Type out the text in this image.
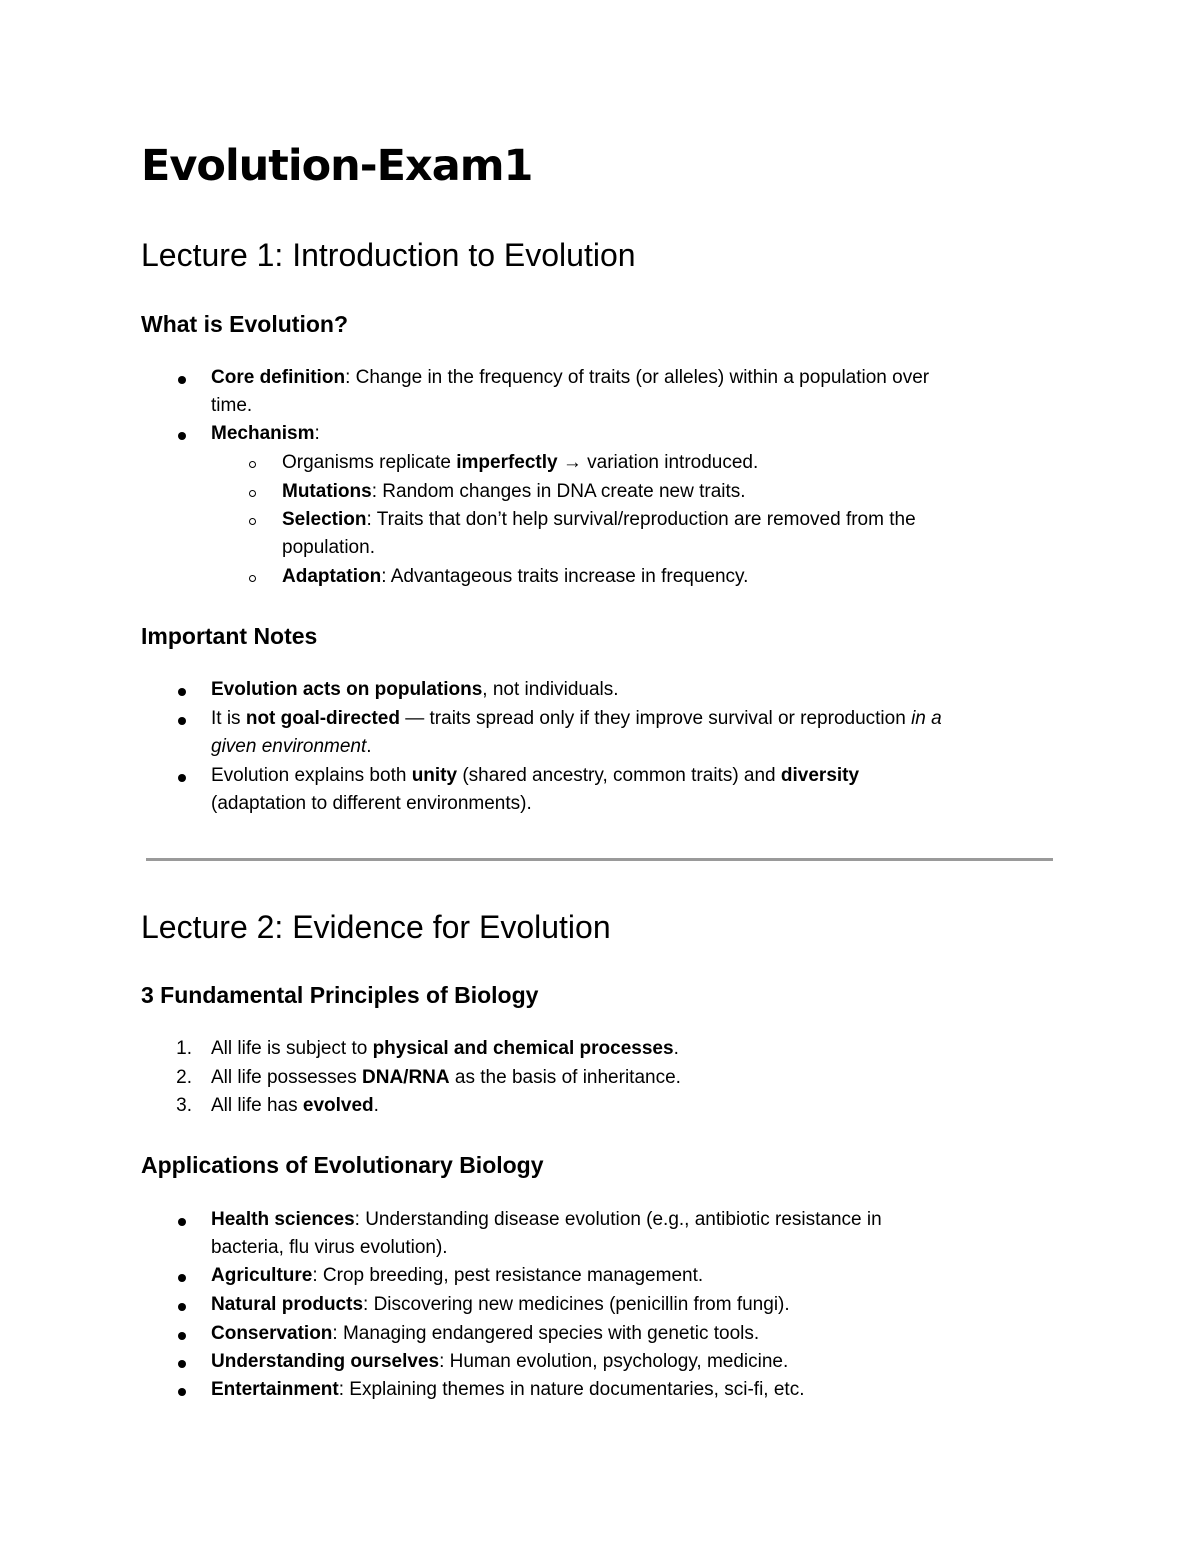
Evolution-Exam1
Lecture 1: Introduction to Evolution
What is Evolution?
Core definition: Change in the frequency of traits (or alleles) within a population over
time.
Mechanism:
Organisms replicate imperfectly → variation introduced.
Mutations: Random changes in DNA create new traits.
Selection: Traits that don’t help survival/reproduction are removed from the
population.
Adaptation: Advantageous traits increase in frequency.
Important Notes
Evolution acts on populations, not individuals.
It is not goal-directed — traits spread only if they improve survival or reproduction in a
given environment.
Evolution explains both unity (shared ancestry, common traits) and diversity
(adaptation to different environments).
Lecture 2: Evidence for Evolution
3 Fundamental Principles of Biology
1. All life is subject to physical and chemical processes.
2. All life possesses DNA/RNA as the basis of inheritance.
3. All life has evolved.
Applications of Evolutionary Biology
Health sciences: Understanding disease evolution (e.g., antibiotic resistance in
bacteria, flu virus evolution).
Agriculture: Crop breeding, pest resistance management.
Natural products: Discovering new medicines (penicillin from fungi).
Conservation: Managing endangered species with genetic tools.
Understanding ourselves: Human evolution, psychology, medicine.
Entertainment: Explaining themes in nature documentaries, sci-fi, etc.
